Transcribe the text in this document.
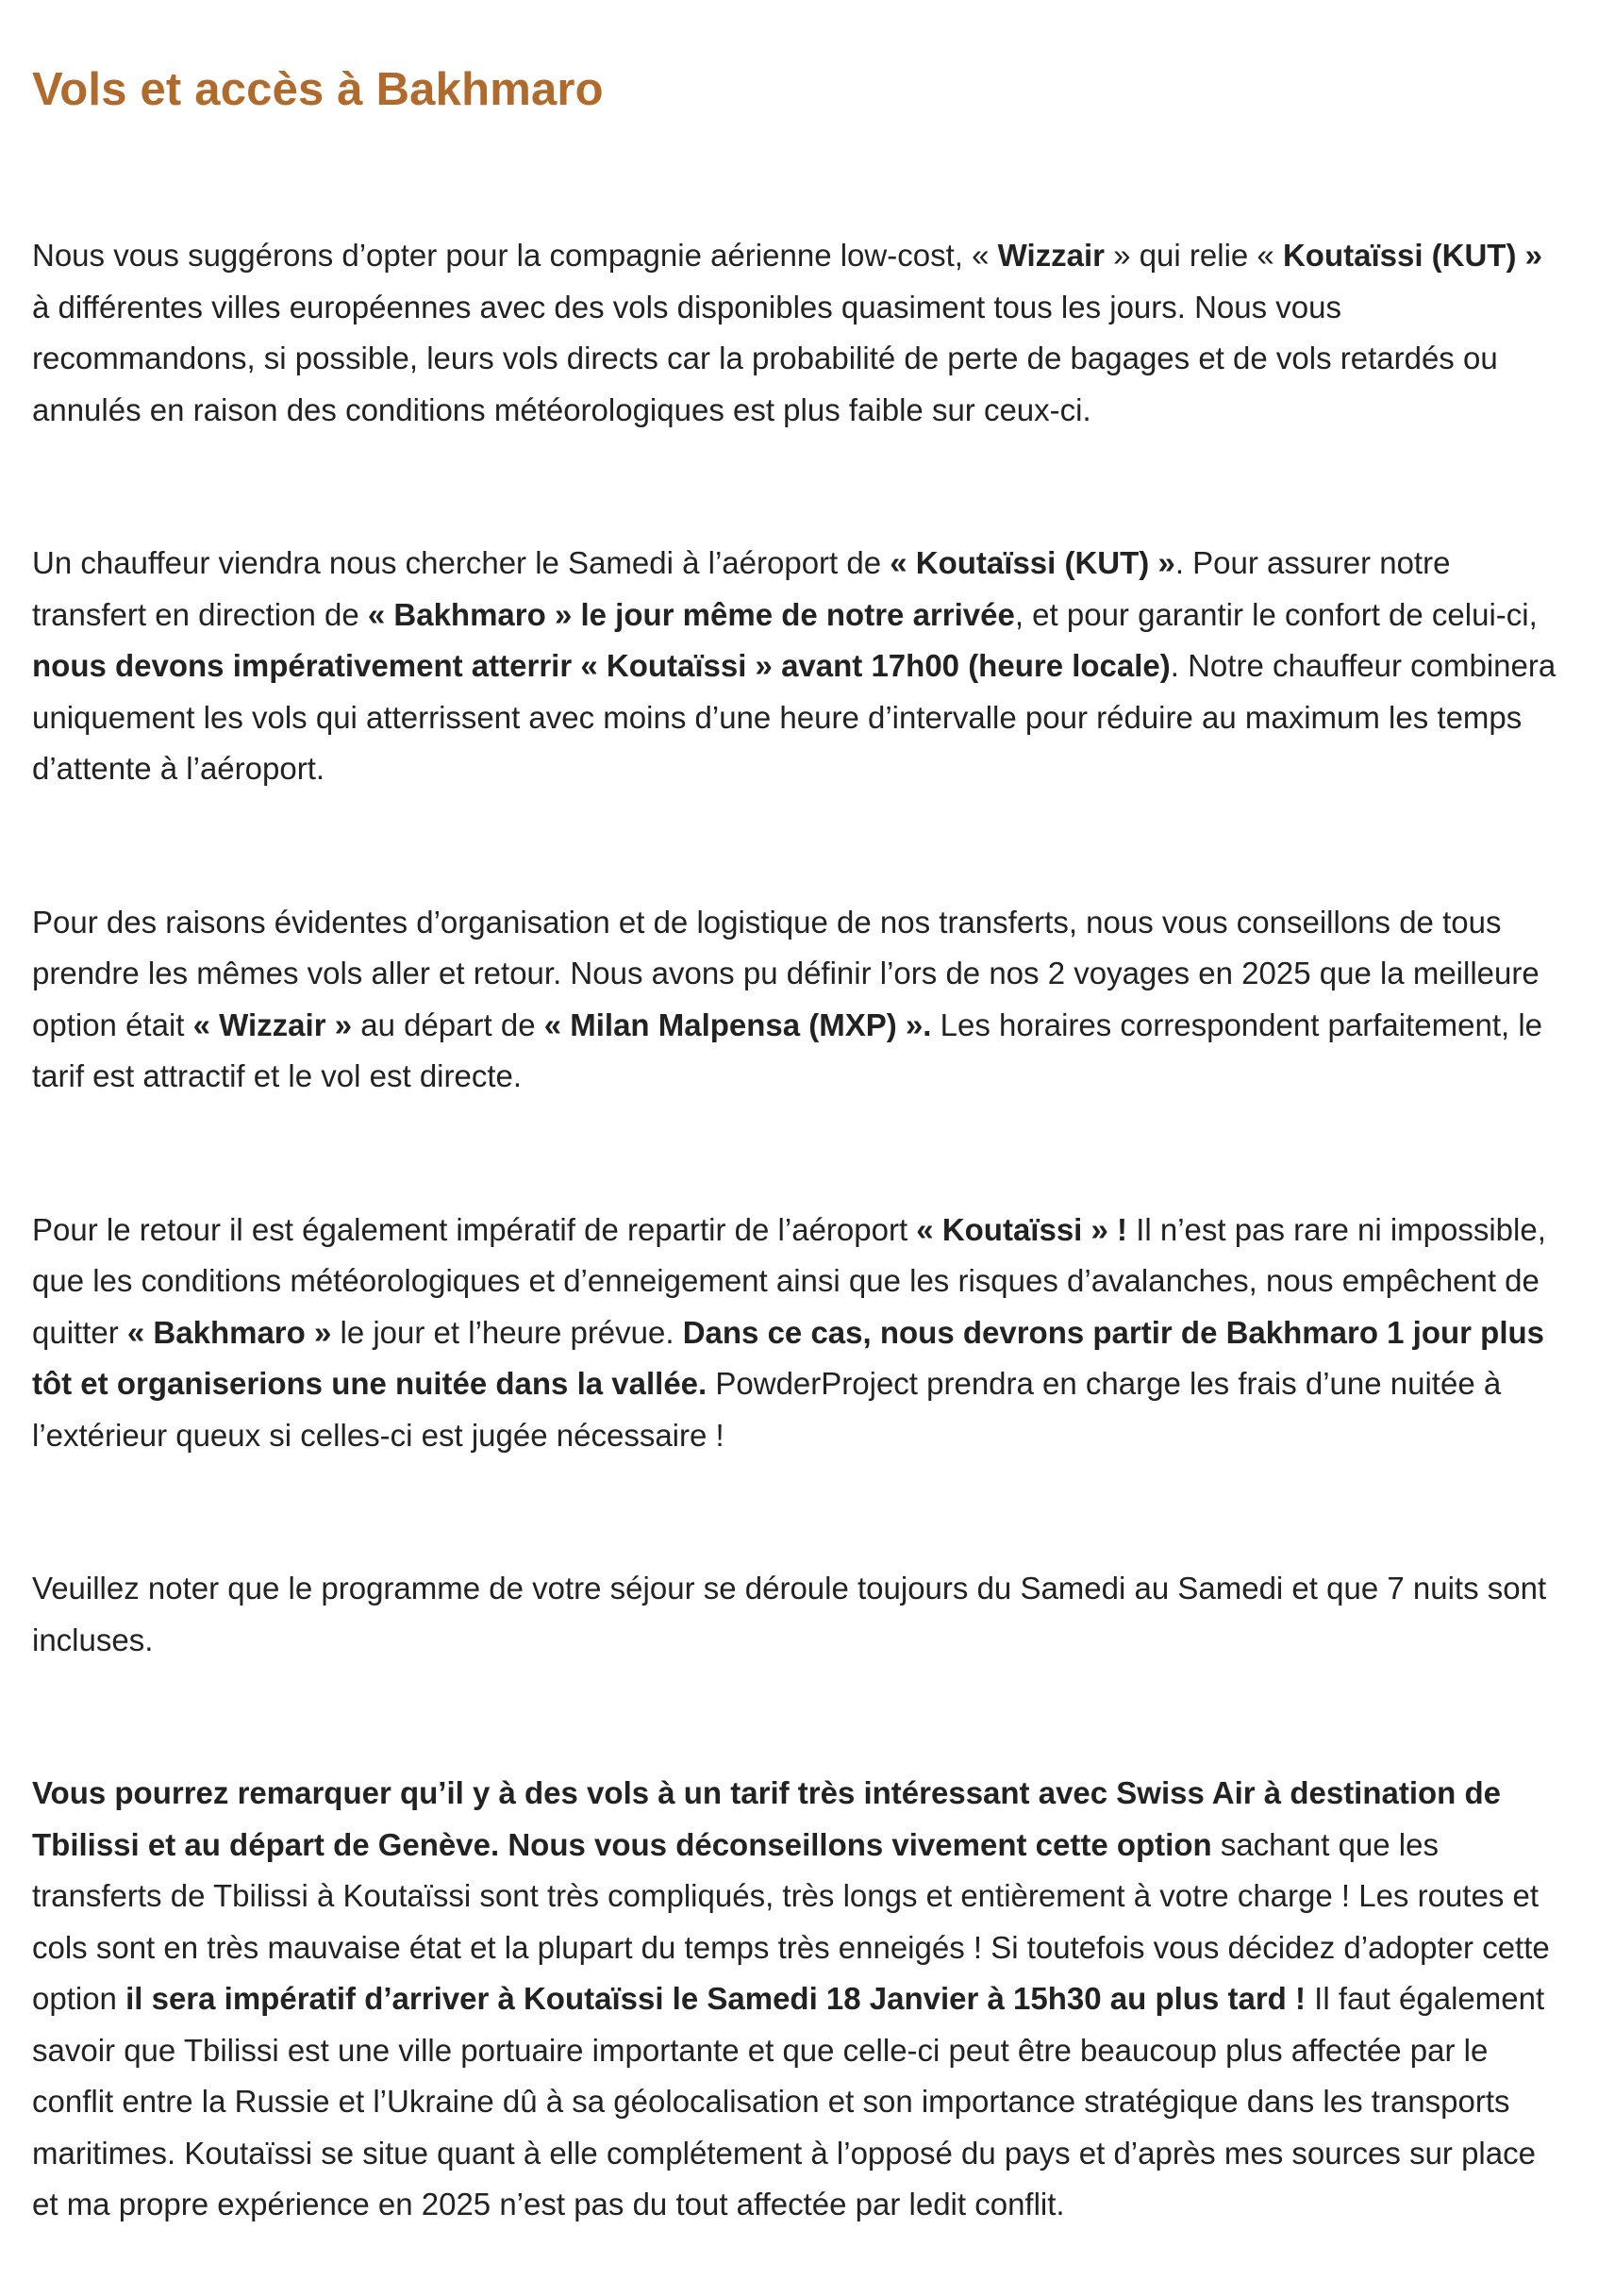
Vols et accès à Bakhmaro

Nous vous suggérons d’opter pour la compagnie aérienne low-cost, « Wizzair » qui relie « Koutaïssi (KUT) » à différentes villes européennes avec des vols disponibles quasiment tous les jours. Nous vous recommandons, si possible, leurs vols directs car la probabilité de perte de bagages et de vols retardés ou annulés en raison des conditions météorologiques est plus faible sur ceux-ci.

Un chauffeur viendra nous chercher le Samedi à l’aéroport de « Koutaïssi (KUT) ». Pour assurer notre transfert en direction de « Bakhmaro » le jour même de notre arrivée, et pour garantir le confort de celui-ci, nous devons impérativement atterrir « Koutaïssi » avant 17h00 (heure locale). Notre chauffeur combinera uniquement les vols qui atterrissent avec moins d’une heure d’intervalle pour réduire au maximum les temps d’attente à l’aéroport.

Pour des raisons évidentes d’organisation et de logistique de nos transferts, nous vous conseillons de tous prendre les mêmes vols aller et retour. Nous avons pu définir l’ors de nos 2 voyages en 2025 que la meilleure option était « Wizzair » au départ de « Milan Malpensa (MXP) ». Les horaires correspondent parfaitement, le tarif est attractif et le vol est directe.

Pour le retour il est également impératif de repartir de l’aéroport « Koutaïssi » ! Il n’est pas rare ni impossible, que les conditions météorologiques et d’enneigement ainsi que les risques d’avalanches, nous empêchent de quitter « Bakhmaro » le jour et l’heure prévue. Dans ce cas, nous devrons partir de Bakhmaro 1 jour plus tôt et organiserions une nuitée dans la vallée. PowderProject prendra en charge les frais d’une nuitée à l’extérieur queux si celles-ci est jugée nécessaire !

Veuillez noter que le programme de votre séjour se déroule toujours du Samedi au Samedi et que 7 nuits sont incluses.

Vous pourrez remarquer qu’il y à des vols à un tarif très intéressant avec Swiss Air à destination de Tbilissi et au départ de Genève. Nous vous déconseillons vivement cette option sachant que les transferts de Tbilissi à Koutaïssi sont très compliqués, très longs et entièrement à votre charge ! Les routes et cols sont en très mauvaise état et la plupart du temps très enneigés ! Si toutefois vous décidez d’adopter cette option il sera impératif d’arriver à Koutaïssi le Samedi 18 Janvier à 15h30 au plus tard ! Il faut également savoir que Tbilissi est une ville portuaire importante et que celle-ci peut être beaucoup plus affectée par le conflit entre la Russie et l’Ukraine dû à sa géolocalisation et son importance stratégique dans les transports maritimes. Koutaïssi se situe quant à elle complétement à l’opposé du pays et d’après mes sources sur place et ma propre expérience en 2025 n’est pas du tout affectée par ledit conflit.
